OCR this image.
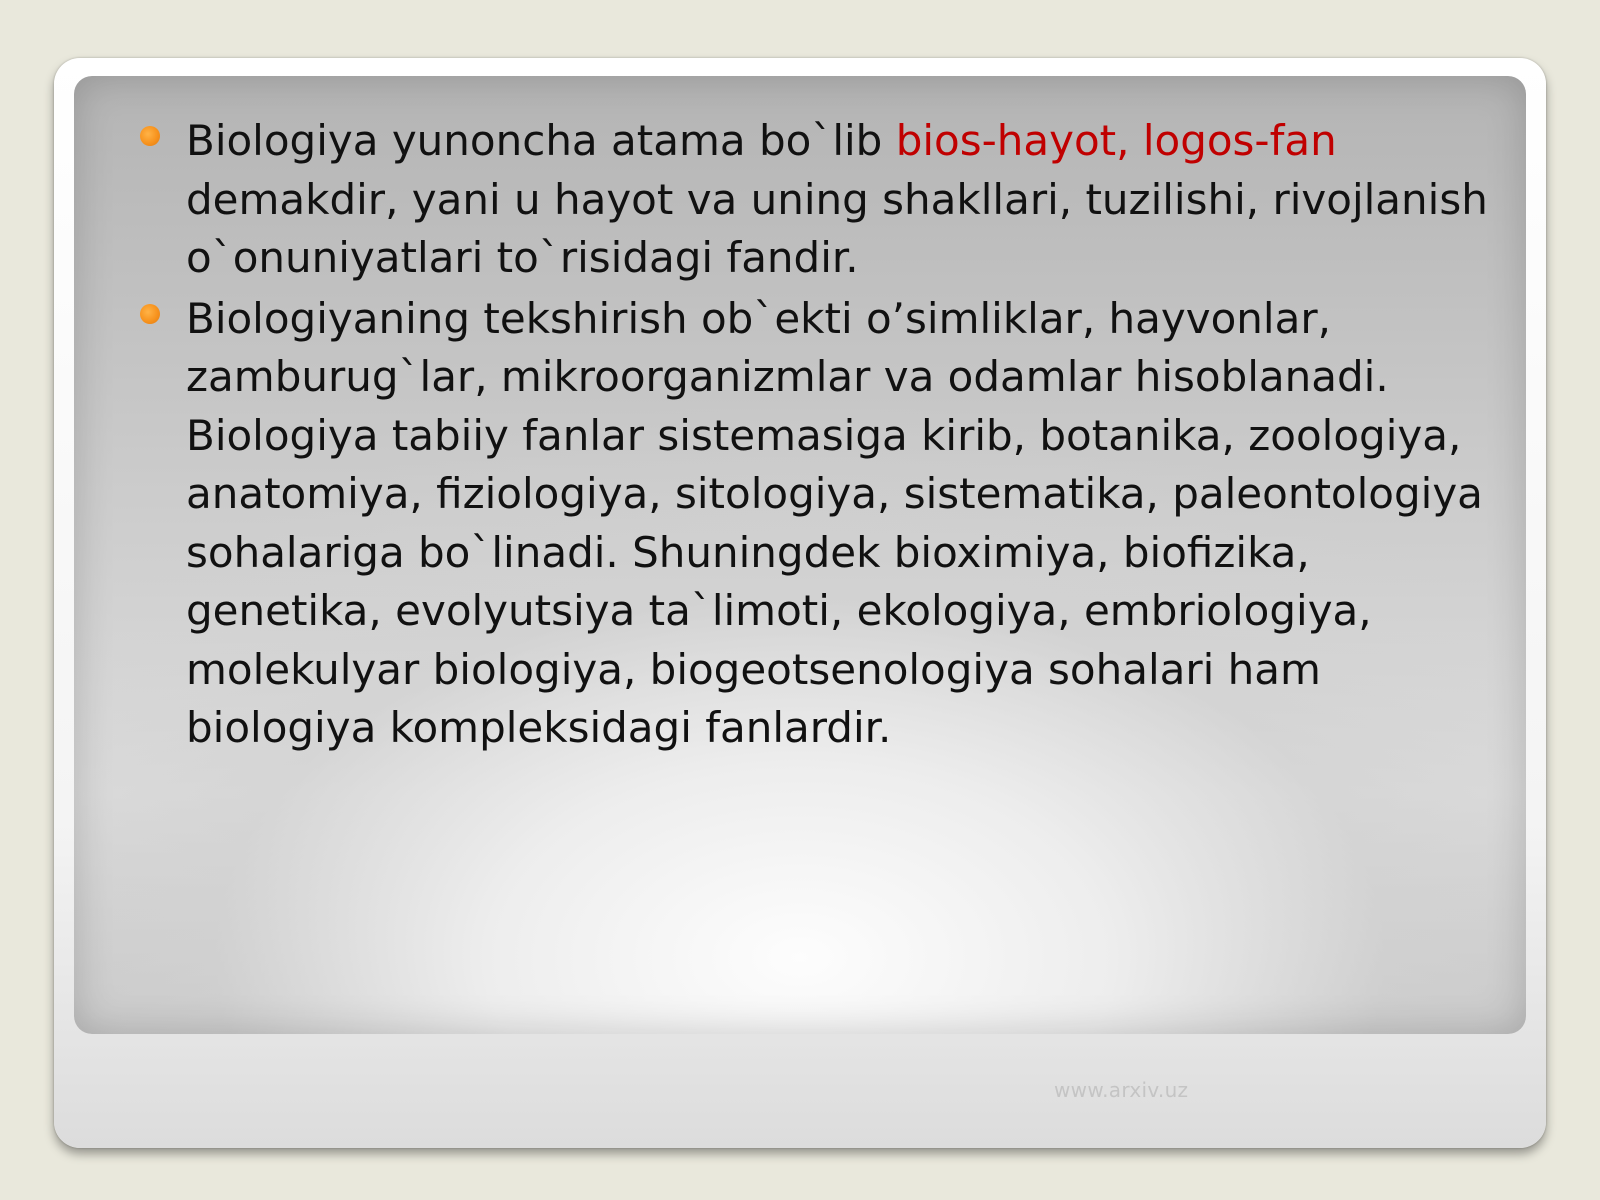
Biologiya yunoncha atama bo`lib bios-hayot, logos-fan demakdir, yani u hayot va uning shakllari, tuzilishi, rivojlanish o`onuniyatlari to`risidagi fandir.
Biologiyaning tekshirish ob`ekti o’simliklar, hayvonlar, zamburug`lar, mikroorganizmlar va odamlar hisoblanadi. Biologiya tabiiy fanlar sistemasiga kirib, botanika, zoologiya, anatomiya, fiziologiya, sitologiya, sistematika, paleontologiya sohalariga bo`linadi. Shuningdek bioximiya, biofizika, genetika, evolyutsiya ta`limoti, ekologiya, embriologiya, molekulyar biologiya, biogeotsenologiya sohalari ham biologiya kompleksidagi fanlardir.
www.arxiv.uz
